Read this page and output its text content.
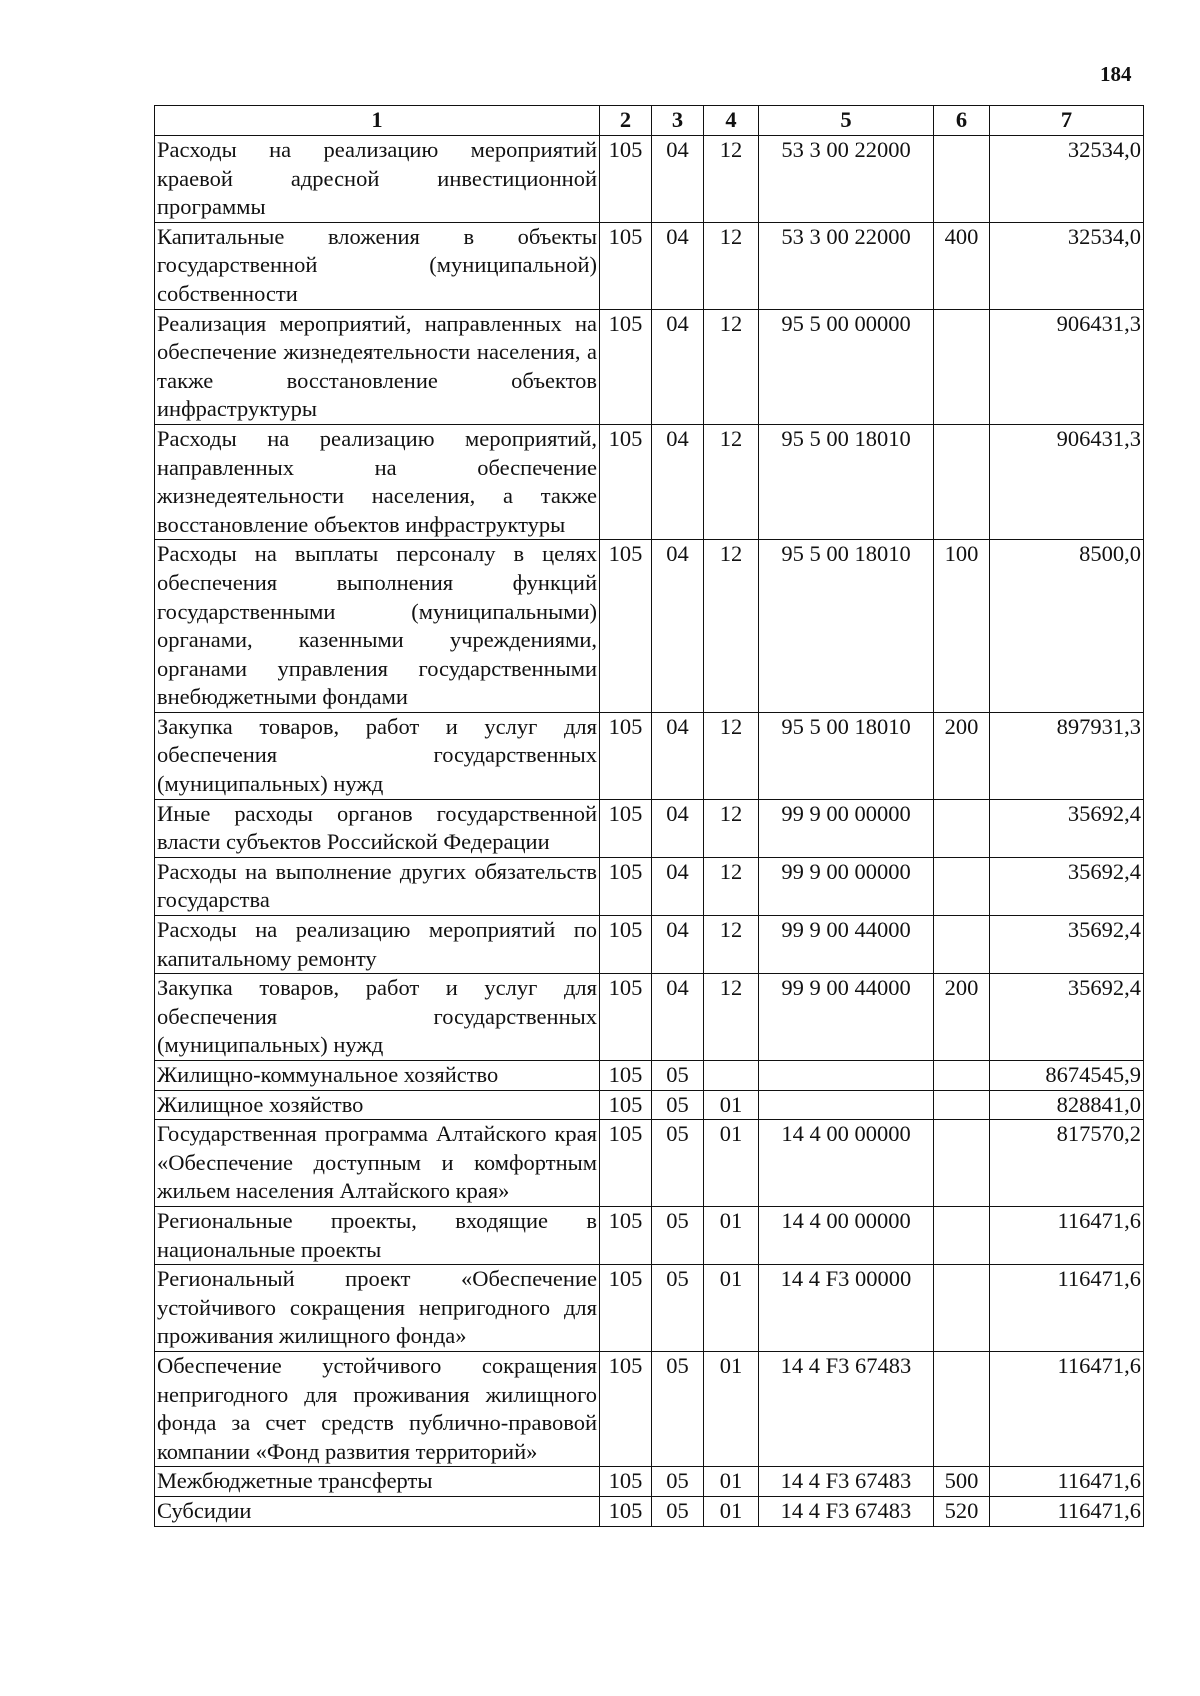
184
1	2	3	4	5	6	7
Расходы на реализацию мероприятий краевой адресной инвестиционной программы	105	04	12	53 3 00 22000		32534,0
Капитальные вложения в объекты государственной (муниципальной) собственности	105	04	12	53 3 00 22000	400	32534,0
Реализация мероприятий, направленных на обеспечение жизнедеятельности населения, а также восстановление объектов инфраструктуры	105	04	12	95 5 00 00000		906431,3
Расходы на реализацию мероприятий, направленных на обеспечение жизнедеятельности населения, а также восстановление объектов инфраструктуры	105	04	12	95 5 00 18010		906431,3
Расходы на выплаты персоналу в целях обеспечения выполнения функций государственными (муниципальными) органами, казенными учреждениями, органами управления государственными внебюджетными фондами	105	04	12	95 5 00 18010	100	8500,0
Закупка товаров, работ и услуг для обеспечения государственных (муниципальных) нужд	105	04	12	95 5 00 18010	200	897931,3
Иные расходы органов государственной власти субъектов Российской Федерации	105	04	12	99 9 00 00000		35692,4
Расходы на выполнение других обязательств государства	105	04	12	99 9 00 00000		35692,4
Расходы на реализацию мероприятий по капитальному ремонту	105	04	12	99 9 00 44000		35692,4
Закупка товаров, работ и услуг для обеспечения государственных (муниципальных) нужд	105	04	12	99 9 00 44000	200	35692,4
Жилищно-коммунальное хозяйство	105	05				8674545,9
Жилищное хозяйство	105	05	01			828841,0
Государственная программа Алтайского края «Обеспечение доступным и комфортным жильем населения Алтайского края»	105	05	01	14 4 00 00000		817570,2
Региональные проекты, входящие в национальные проекты	105	05	01	14 4 00 00000		116471,6
Региональный проект «Обеспечение устойчивого сокращения непригодного для проживания жилищного фонда»	105	05	01	14 4 F3 00000		116471,6
Обеспечение устойчивого сокращения непригодного для проживания жилищного фонда за счет средств публично-правовой компании «Фонд развития территорий»	105	05	01	14 4 F3 67483		116471,6
Межбюджетные трансферты	105	05	01	14 4 F3 67483	500	116471,6
Субсидии	105	05	01	14 4 F3 67483	520	116471,6
